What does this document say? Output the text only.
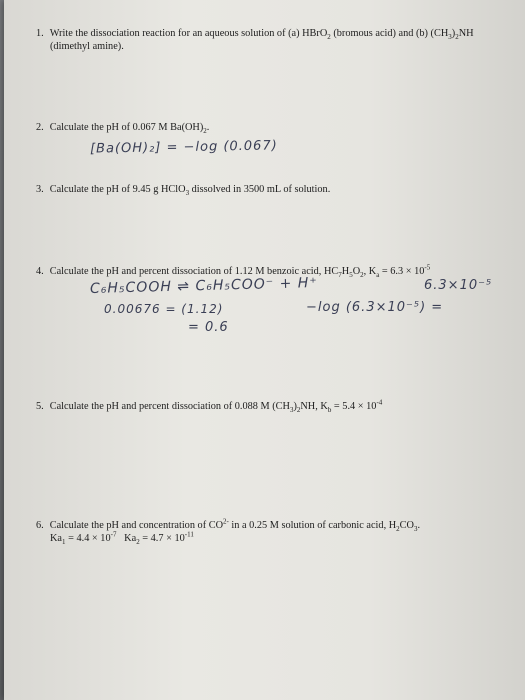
1. Write the dissociation reaction for an aqueous solution of (a) HBrO$_2$ (bromous acid) and (b) $(CH_3)_2NH$
(dimethyl amine).
2. Calculate the pH of 0.067 M $Ba(OH)_2$.
[Ba(OH)₂] = −log (0.067)
3. Calculate the pH of 9.45 g HClO$_3$ dissolved in 3500 mL of solution.
4. Calculate the pH and percent dissociation of 1.12 M benzoic acid, $HC_7H_5O_2$, $K_a = 6.3 \times 10^{-5}$
C₆H₅COOH ⇌ C₆H₅COO⁻ + H⁺	6.3×10⁻⁵
0.00676 = (1.12)	−log (6.3×10⁻⁵) =
= 0.6
5. Calculate the pH and percent dissociation of 0.088 M $(CH_3)_2NH$, $K_b = 5.4 \times 10^{-4}$
6. Calculate the pH and concentration of $CO^{2-}$ in a 0.25 M solution of carbonic acid, $H_2CO_3$.
$Ka_1 = 4.4 \times 10^{-7}$   $Ka_2 = 4.7 \times 10^{-11}$
